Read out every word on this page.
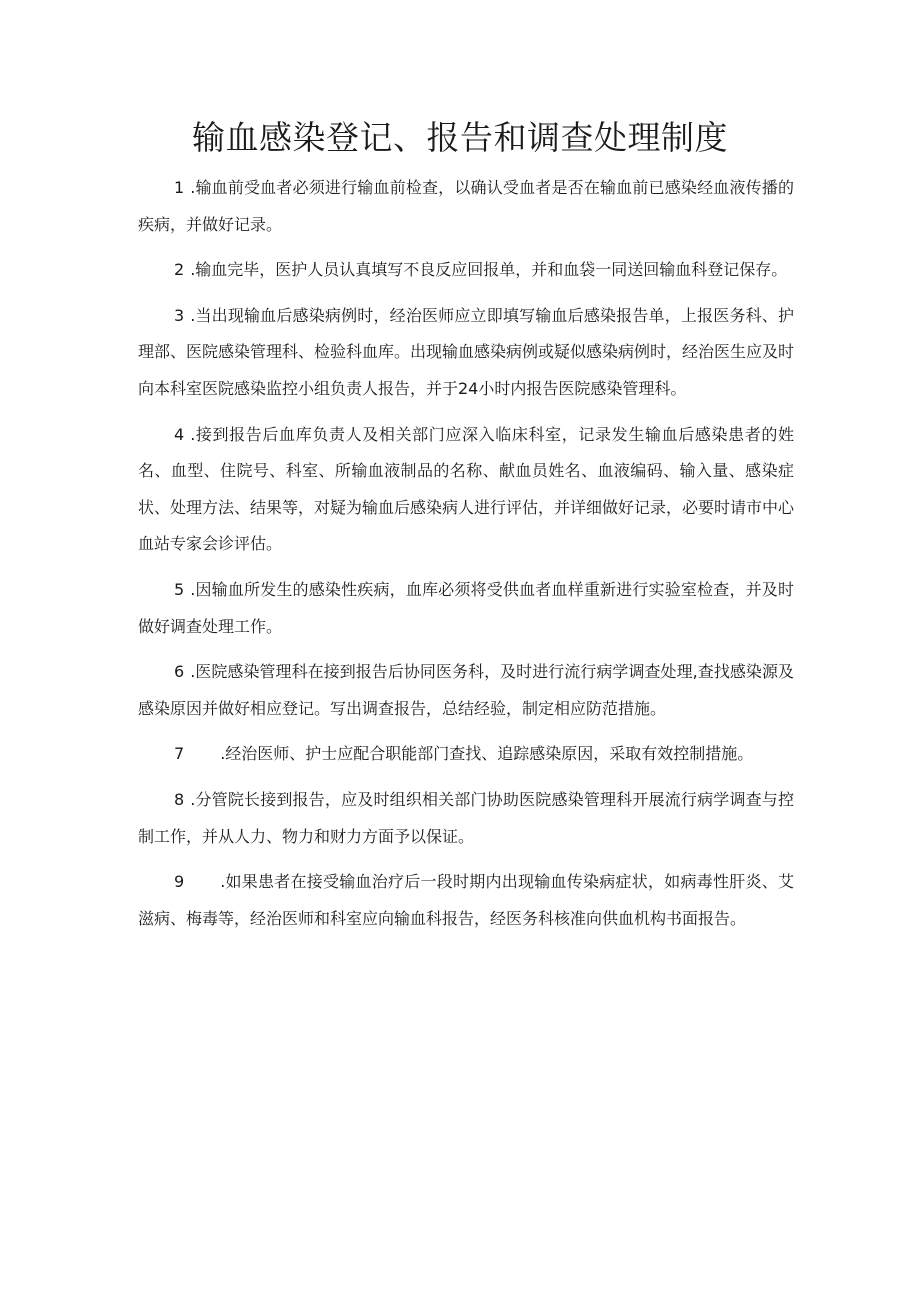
输血感染登记、报告和调查处理制度

1 .输血前受血者必须进行输血前检查，以确认受血者是否在输血前已感染经血液传播的疾病，并做好记录。

2 .输血完毕，医护人员认真填写不良反应回报单，并和血袋一同送回输血科登记保存。

3 .当出现输血后感染病例时，经治医师应立即填写输血后感染报告单，上报医务科、护理部、医院感染管理科、检验科血库。出现输血感染病例或疑似感染病例时，经治医生应及时向本科室医院感染监控小组负责人报告，并于24小时内报告医院感染管理科。

4 .接到报告后血库负责人及相关部门应深入临床科室，记录发生输血后感染患者的姓名、血型、住院号、科室、所输血液制品的名称、献血员姓名、血液编码、输入量、感染症状、处理方法、结果等，对疑为输血后感染病人进行评估，并详细做好记录，必要时请市中心血站专家会诊评估。

5 .因输血所发生的感染性疾病，血库必须将受供血者血样重新进行实验室检查，并及时做好调查处理工作。

6 .医院感染管理科在接到报告后协同医务科，及时进行流行病学调查处理,查找感染源及感染原因并做好相应登记。写出调查报告，总结经验，制定相应防范措施。

7 .经治医师、护士应配合职能部门查找、追踪感染原因，采取有效控制措施。

8 .分管院长接到报告，应及时组织相关部门协助医院感染管理科开展流行病学调查与控制工作，并从人力、物力和财力方面予以保证。

9 .如果患者在接受输血治疗后一段时期内出现输血传染病症状，如病毒性肝炎、艾滋病、梅毒等，经治医师和科室应向输血科报告，经医务科核准向供血机构书面报告。
